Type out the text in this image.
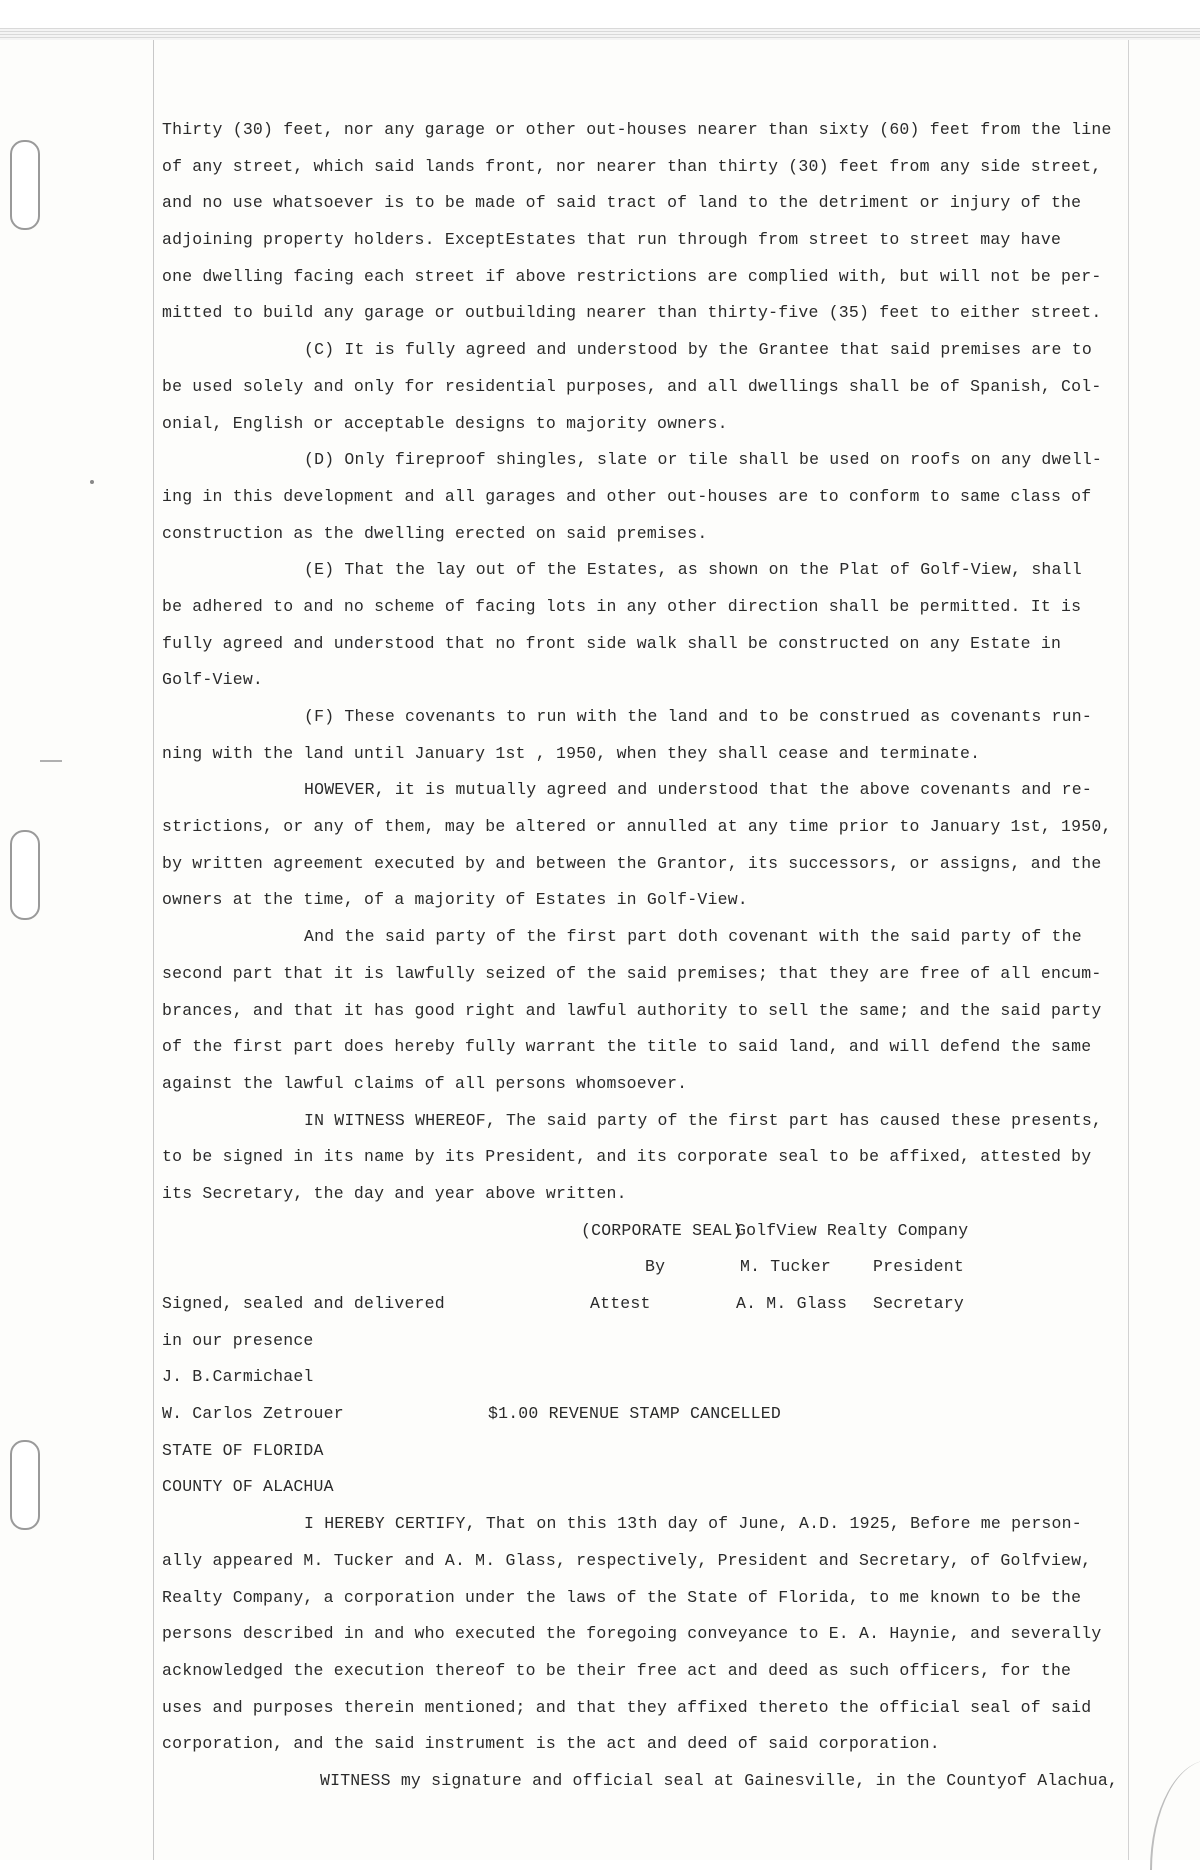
Thirty (30) feet, nor any garage or other out-houses nearer than sixty (60) feet from the line
of any street, which said lands front, nor nearer than thirty (30) feet from any side street,
and no use whatsoever is to be made of said tract of land to the detriment or injury of the
adjoining property holders. ExceptEstates that run through from street to street may have
one dwelling facing each street if above restrictions are complied with, but will not be per-
mitted to build any garage or outbuilding nearer than thirty-five (35) feet to either street.
(C) It is fully agreed and understood by the Grantee that said premises are to
be used solely and only for residential purposes, and all dwellings shall be of Spanish, Col-
onial, English or acceptable designs to majority owners.
(D) Only fireproof shingles, slate or tile shall be used on roofs on any dwell-
ing in this development and all garages and other out-houses are to conform to same class of
construction as the dwelling erected on said premises.
(E) That the lay out of the Estates, as shown on the Plat of Golf-View, shall
be adhered to and no scheme of facing lots in any other direction shall be permitted. It is
fully agreed and understood that no front side walk shall be constructed on any Estate in
Golf-View.
(F) These covenants to run with the land and to be construed as covenants run-
ning with the land until January 1st , 1950, when they shall cease and terminate.
HOWEVER, it is mutually agreed and understood that the above covenants and re-
strictions, or any of them, may be altered or annulled at any time prior to January 1st, 1950,
by written agreement executed by and between the Grantor, its successors, or assigns, and the
owners at the time, of a majority of Estates in Golf-View.
And the said party of the first part doth covenant with the said party of the
second part that it is lawfully seized of the said premises; that they are free of all encum-
brances, and that it has good right and lawful authority to sell the same; and the said party
of the first part does hereby fully warrant the title to said land, and will defend the same
against the lawful claims of all persons whomsoever.
IN WITNESS WHEREOF, The said party of the first part has caused these presents,
to be signed in its name by its President, and its corporate seal to be affixed, attested by
its Secretary, the day and year above written.
(CORPORATE SEAL)
GolfView Realty Company
By	M. Tucker	President
Signed, sealed and delivered	Attest	A. M. Glass Secretary
in our presence
J. B.Carmichael
W. Carlos Zetrouer	$1.00 REVENUE STAMP CANCELLED
STATE OF FLORIDA
COUNTY OF ALACHUA
I HEREBY CERTIFY, That on this 13th day of June, A.D. 1925, Before me person-
ally appeared M. Tucker and A. M. Glass, respectively, President and Secretary, of Golfview,
Realty Company, a corporation under the laws of the State of Florida, to me known to be the
persons described in and who executed the foregoing conveyance to E. A. Haynie, and severally
acknowledged the execution thereof to be their free act and deed as such officers, for the
uses and purposes therein mentioned; and that they affixed thereto the official seal of said
corporation, and the said instrument is the act and deed of said corporation.
WITNESS my signature and official seal at Gainesville, in the Countyof Alachua,
